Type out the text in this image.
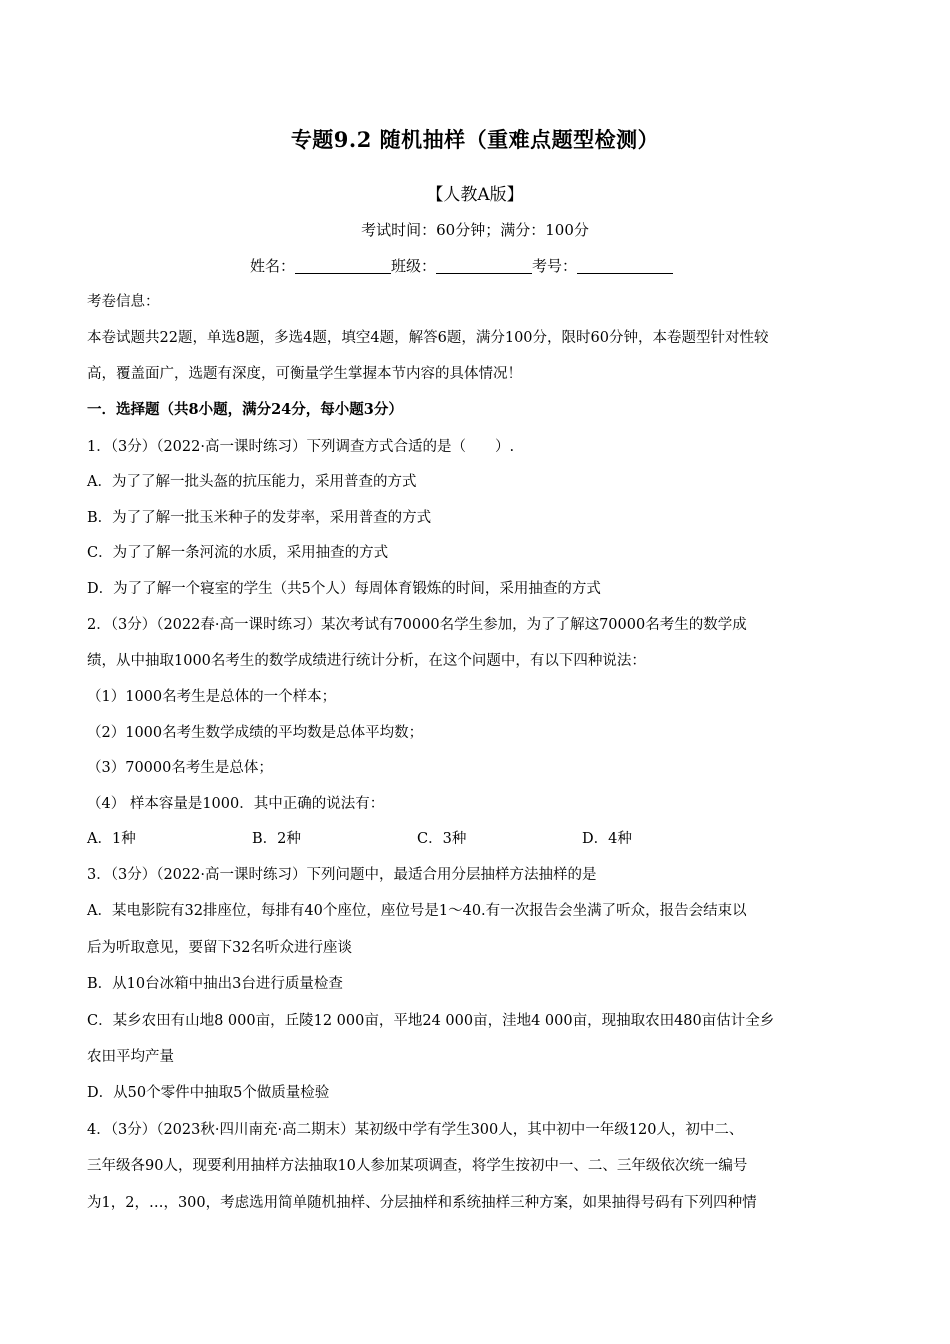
专题9.2 随机抽样（重难点题型检测）
【人教A版】
考试时间：60分钟；满分：100分
姓名：	班级：	考号：
考卷信息：
本卷试题共22题，单选8题，多选4题，填空4题，解答6题，满分100分，限时60分钟，本卷题型针对性较
高，覆盖面广，选题有深度，可衡量学生掌握本节内容的具体情况！
一．选择题（共8小题，满分24分，每小题3分）
1．（3分）（2022·高一课时练习）下列调查方式合适的是（　　）.
A．为了了解一批头盔的抗压能力，采用普查的方式
B．为了了解一批玉米种子的发芽率，采用普查的方式
C．为了了解一条河流的水质，采用抽查的方式
D．为了了解一个寝室的学生（共5个人）每周体育锻炼的时间，采用抽查的方式
2．（3分）（2022春·高一课时练习）某次考试有70000名学生参加，为了了解这70000名考生的数学成
绩，从中抽取1000名考生的数学成绩进行统计分析，在这个问题中，有以下四种说法：
（1）1000名考生是总体的一个样本；
（2）1000名考生数学成绩的平均数是总体平均数；
（3）70000名考生是总体；
（4） 样本容量是1000．其中正确的说法有：
A．1种	B．2种	C．3种	D．4种
3．（3分）（2022·高一课时练习）下列问题中，最适合用分层抽样方法抽样的是
A．某电影院有32排座位，每排有40个座位，座位号是1～40.有一次报告会坐满了听众，报告会结束以
后为听取意见，要留下32名听众进行座谈
B．从10台冰箱中抽出3台进行质量检查
C．某乡农田有山地8 000亩，丘陵12 000亩，平地24 000亩，洼地4 000亩，现抽取农田480亩估计全乡
农田平均产量
D．从50个零件中抽取5个做质量检验
4．（3分）（2023秋·四川南充·高二期末）某初级中学有学生300人，其中初中一年级120人，初中二、
三年级各90人，现要利用抽样方法抽取10人参加某项调查，将学生按初中一、二、三年级依次统一编号
为1，2，…，300，考虑选用简单随机抽样、分层抽样和系统抽样三种方案，如果抽得号码有下列四种情
